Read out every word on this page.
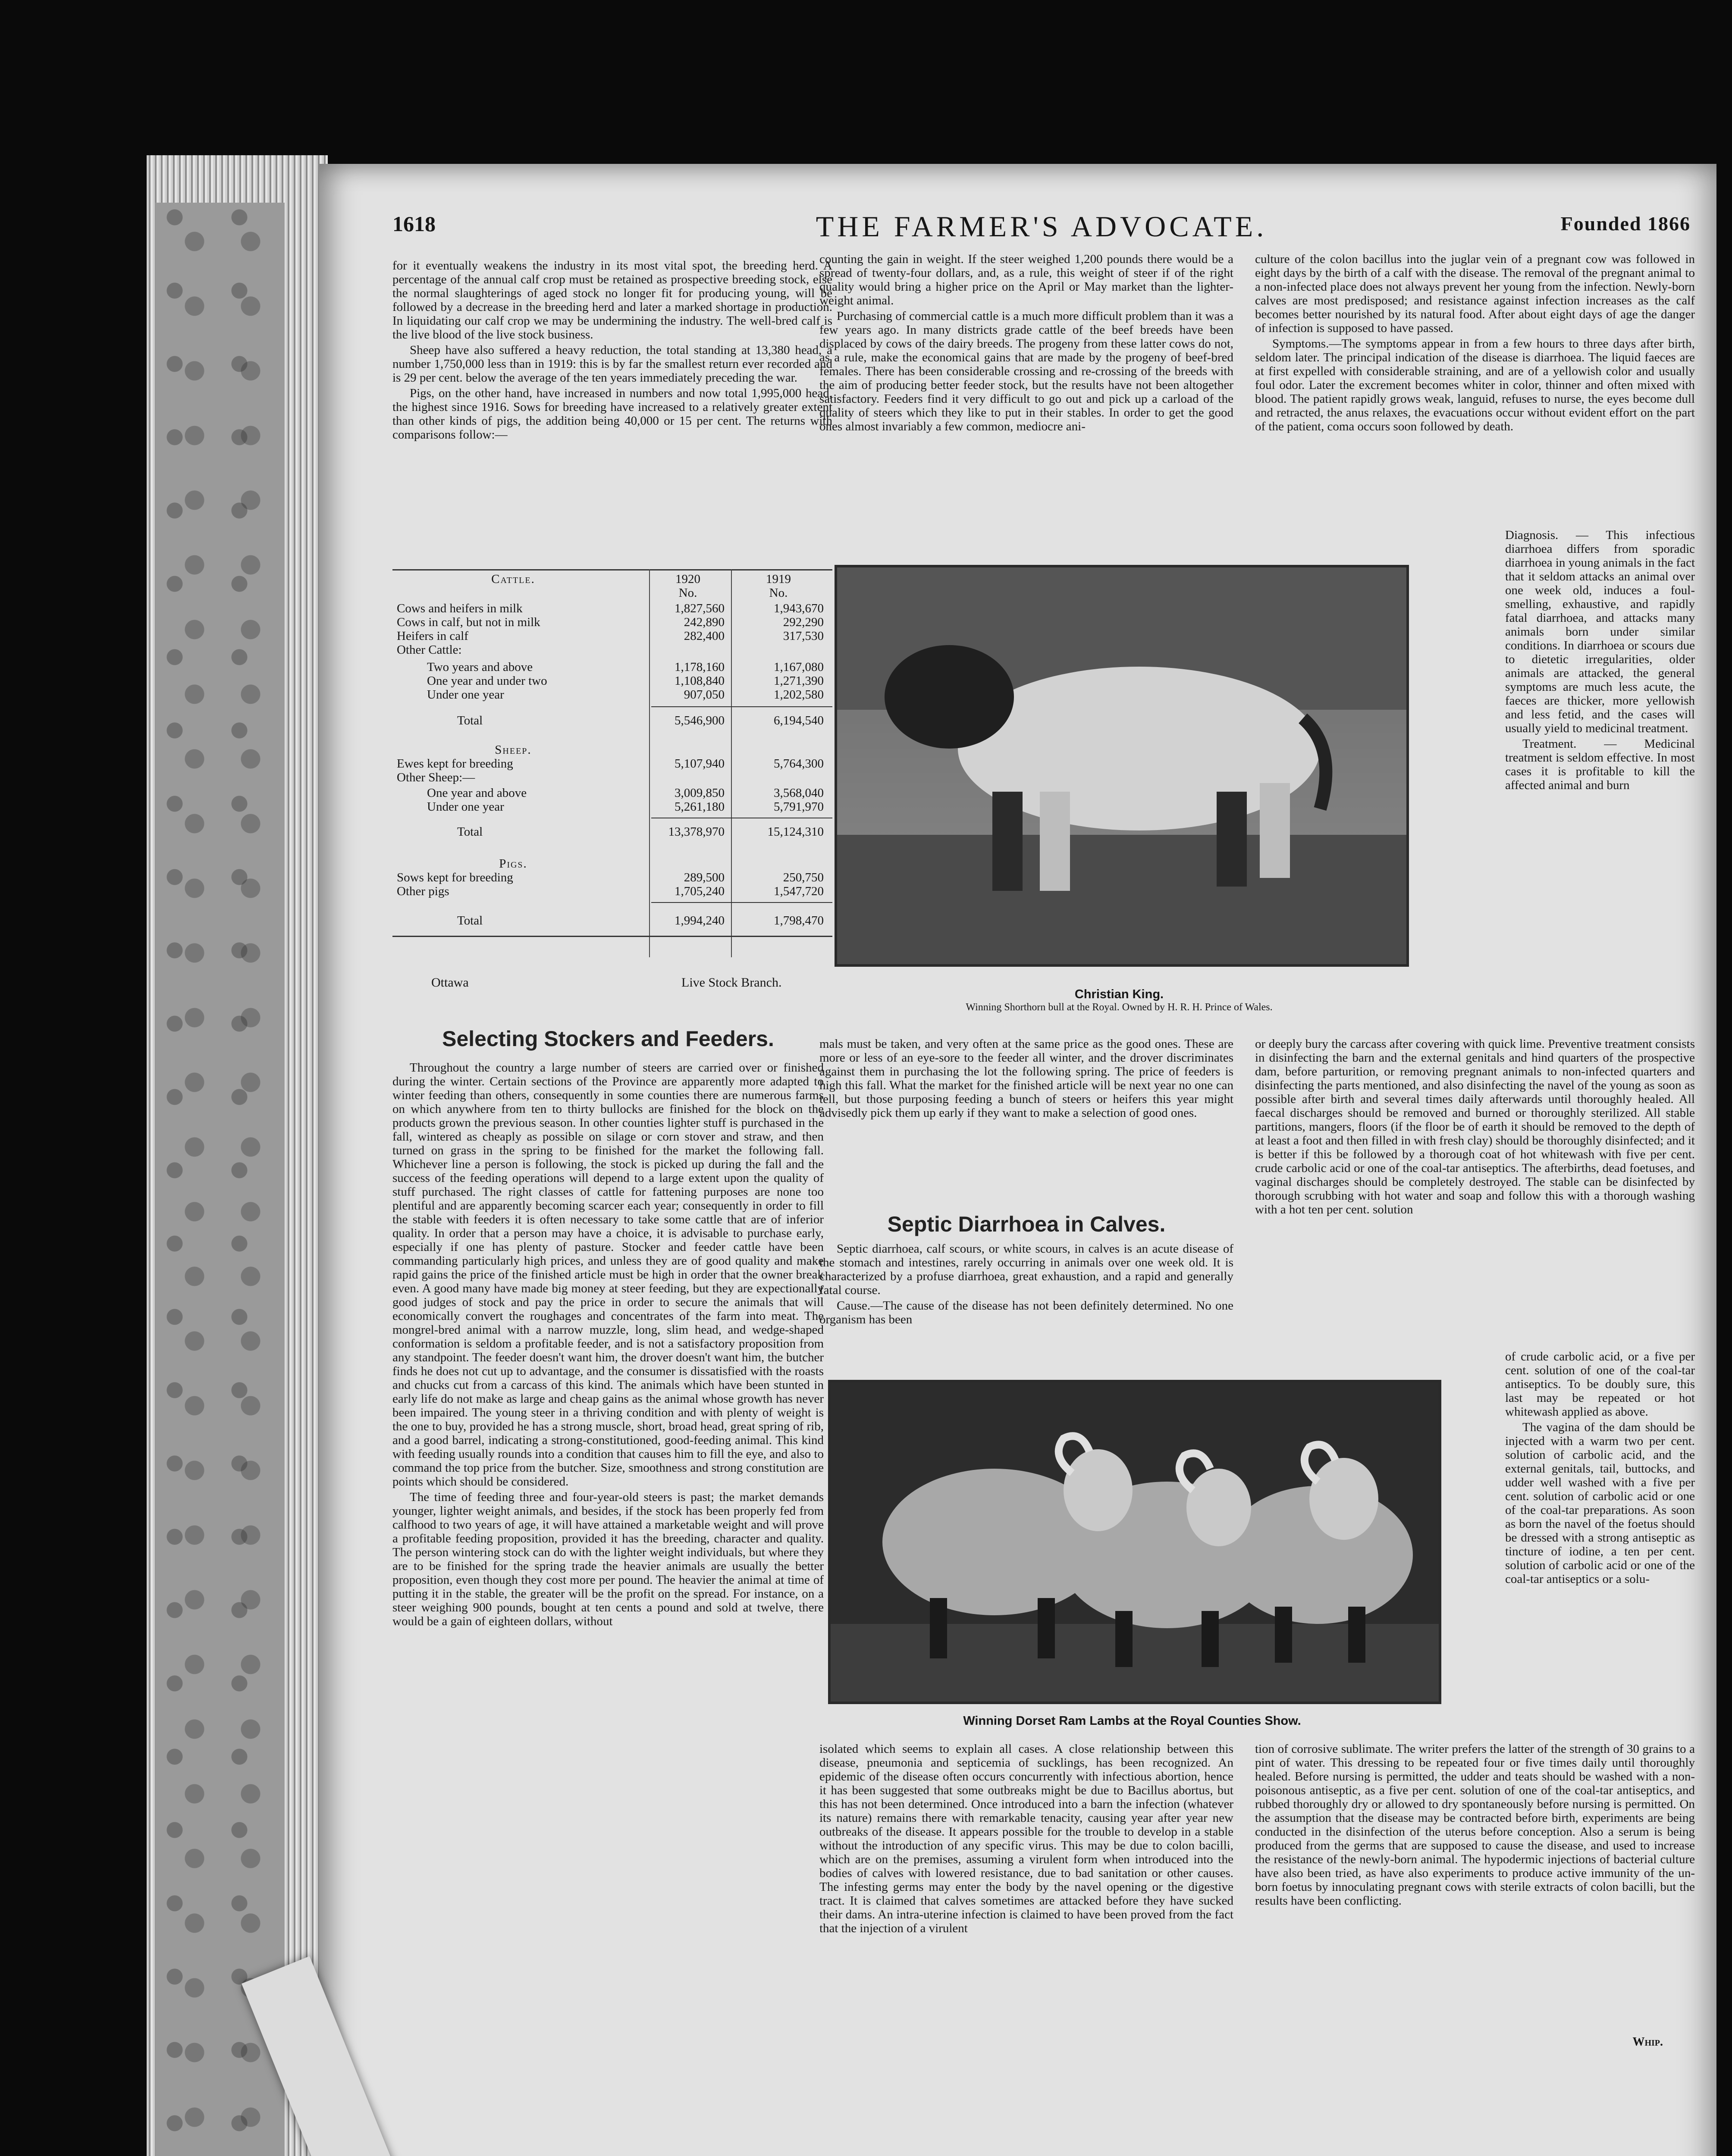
1618	THE FARMER'S ADVOCATE.	Founded 1866

for it eventually weakens the industry in its most vital spot, the breeding herd. A percentage of the annual calf crop must be retained as prospective breeding stock, else the normal slaughterings of aged stock no longer fit for producing young, will be followed by a decrease in the breeding herd and later a marked shortage in production. In liquidating our calf crop we may be undermining the industry. The well-bred calf is the live blood of the live stock business.

Sheep have also suffered a heavy reduction, the total standing at 13,380 head, a number 1,750,000 less than in 1919: this is by far the smallest return ever recorded and is 29 per cent. below the average of the ten years immediately preceding the war.

Pigs, on the other hand, have increased in numbers and now total 1,995,000 head, the highest since 1916. Sows for breeding have increased to a relatively greater extent than other kinds of pigs, the addition being 40,000 or 15 per cent. The returns with comparisons follow:—

1920	1919
Cattle.
No.	No.
Cows and heifers in milk	1,827,560	1,943,670
Cows in calf, but not in milk	242,890	292,290
Heifers in calf	282,400	317,530
Other Cattle:
Two years and above	1,178,160	1,167,080
One year and under two	1,108,840	1,271,390
Under one year	907,050	1,202,580
Total	5,546,900	6,194,540
Sheep.
Ewes kept for breeding	5,107,940	5,764,300
Other Sheep:—
One year and above	3,009,850	3,568,040
Under one year	5,261,180	5,791,970
Total	13,378,970	15,124,310
Pigs.
Sows kept for breeding	289,500	250,750
Other pigs	1,705,240	1,547,720
Total	1,994,240	1,798,470
Ottawa	Live Stock Branch.

counting the gain in weight. If the steer weighed 1,200 pounds there would be a spread of twenty-four dollars, and, as a rule, this weight of steer if of the right quality would bring a higher price on the April or May market than the lighter-weight animal.

Purchasing of commercial cattle is a much more difficult problem than it was a few years ago. In many districts grade cattle of the beef breeds have been displaced by cows of the dairy breeds. The progeny from these latter cows do not, as a rule, make the economical gains that are made by the progeny of beef-bred females. There has been considerable crossing and re-crossing of the breeds with the aim of producing better feeder stock, but the results have not been altogether satisfactory. Feeders find it very difficult to go out and pick up a carload of the quality of steers which they like to put in their stables. In order to get the good ones almost invariably a few common, mediocre ani-

culture of the colon bacillus into the juglar vein of a pregnant cow was followed in eight days by the birth of a calf with the disease. The removal of the pregnant animal to a non-infected place does not always prevent her young from the infection. Newly-born calves are most predisposed; and resistance against infection increases as the calf becomes better nourished by its natural food. After about eight days of age the danger of infection is supposed to have passed.

Symptoms.—The symptoms appear in from a few hours to three days after birth, seldom later. The principal indication of the disease is diarrhoea. The liquid faeces are at first expelled with considerable straining, and are of a yellowish color and usually foul odor. Later the excrement becomes whiter in color, thinner and often mixed with blood. The patient rapidly grows weak, languid, refuses to nurse, the eyes become dull and retracted, the anus relaxes, the evacuations occur without evident effort on the part of the patient, coma occurs soon followed by death.

Christian King.
Winning Shorthorn bull at the Royal. Owned by H. R. H. Prince of Wales.

Diagnosis. — This infectious diarrhoea differs from sporadic diarrhoea in young animals in the fact that it seldom attacks an animal over one week old, induces a foul-smelling, exhaustive, and rapidly fatal diarrhoea, and attacks many animals born under similar conditions. In diarrhoea or scours due to dietetic irregularities, older animals are attacked, the general symptoms are much less acute, the faeces are thicker, more yellowish and less fetid, and the cases will usually yield to medicinal treatment.

Treatment. — Medicinal treatment is seldom effective. In most cases it is profitable to kill the affected animal and burn

Selecting Stockers and Feeders.

Throughout the country a large number of steers are carried over or finished during the winter. Certain sections of the Province are apparently more adapted to winter feeding than others, consequently in some counties there are numerous farms on which anywhere from ten to thirty bullocks are finished for the block on the products grown the previous season. In other counties lighter stuff is purchased in the fall, wintered as cheaply as possible on silage or corn stover and straw, and then turned on grass in the spring to be finished for the market the following fall. Whichever line a person is following, the stock is picked up during the fall and the success of the feeding operations will depend to a large extent upon the quality of stuff purchased. The right classes of cattle for fattening purposes are none too plentiful and are apparently becoming scarcer each year; consequently in order to fill the stable with feeders it is often necessary to take some cattle that are of inferior quality. In order that a person may have a choice, it is advisable to purchase early, especially if one has plenty of pasture. Stocker and feeder cattle have been commanding particularly high prices, and unless they are of good quality and make rapid gains the price of the finished article must be high in order that the owner break even. A good many have made big money at steer feeding, but they are expectionally good judges of stock and pay the price in order to secure the animals that will economically convert the roughages and concentrates of the farm into meat. The mongrel-bred animal with a narrow muzzle, long, slim head, and wedge-shaped conformation is seldom a profitable feeder, and is not a satisfactory proposition from any standpoint. The feeder doesn't want him, the drover doesn't want him, the butcher finds he does not cut up to advantage, and the consumer is dissatisfied with the roasts and chucks cut from a carcass of this kind. The animals which have been stunted in early life do not make as large and cheap gains as the animal whose growth has never been impaired. The young steer in a thriving condition and with plenty of weight is the one to buy, provided he has a strong muscle, short, broad head, great spring of rib, and a good barrel, indicating a strong-constitutioned, good-feeding animal. This kind with feeding usually rounds into a condition that causes him to fill the eye, and also to command the top price from the butcher. Size, smoothness and strong constitution are points which should be considered.

The time of feeding three and four-year-old steers is past; the market demands younger, lighter weight animals, and besides, if the stock has been properly fed from calfhood to two years of age, it will have attained a marketable weight and will prove a profitable feeding proposition, provided it has the breeding, character and quality. The person wintering stock can do with the lighter weight individuals, but where they are to be finished for the spring trade the heavier animals are usually the better proposition, even though they cost more per pound. The heavier the animal at time of putting it in the stable, the greater will be the profit on the spread. For instance, on a steer weighing 900 pounds, bought at ten cents a pound and sold at twelve, there would be a gain of eighteen dollars, without

mals must be taken, and very often at the same price as the good ones. These are more or less of an eye-sore to the feeder all winter, and the drover discriminates against them in purchasing the lot the following spring. The price of feeders is high this fall. What the market for the finished article will be next year no one can tell, but those purposing feeding a bunch of steers or heifers this year might advisedly pick them up early if they want to make a selection of good ones.

Septic Diarrhoea in Calves.

Septic diarrhoea, calf scours, or white scours, in calves is an acute disease of the stomach and intestines, rarely occurring in animals over one week old. It is characterized by a profuse diarrhoea, great exhaustion, and a rapid and generally fatal course.

Cause.—The cause of the disease has not been definitely determined. No one organism has been

or deeply bury the carcass after covering with quick lime. Preventive treatment consists in disinfecting the barn and the external genitals and hind quarters of the prospective dam, before parturition, or removing pregnant animals to non-infected quarters and disinfecting the parts mentioned, and also disinfecting the navel of the young as soon as possible after birth and several times daily afterwards until thoroughly healed. All faecal discharges should be removed and burned or thoroughly sterilized. All stable partitions, mangers, floors (if the floor be of earth it should be removed to the depth of at least a foot and then filled in with fresh clay) should be thoroughly disinfected; and it is better if this be followed by a thorough coat of hot whitewash with five per cent. crude carbolic acid or one of the coal-tar antiseptics. The afterbirths, dead foetuses, and vaginal discharges should be completely destroyed. The stable can be disinfected by thorough scrubbing with hot water and soap and follow this with a thorough washing with a hot ten per cent. solution

Winning Dorset Ram Lambs at the Royal Counties Show.

of crude carbolic acid, or a five per cent. solution of one of the coal-tar antiseptics. To be doubly sure, this last may be repeated or hot whitewash applied as above.

The vagina of the dam should be injected with a warm two per cent. solution of carbolic acid, and the external genitals, tail, buttocks, and udder well washed with a five per cent. solution of carbolic acid or one of the coal-tar preparations. As soon as born the navel of the foetus should be dressed with a strong antiseptic as tincture of iodine, a ten per cent. solution of carbolic acid or one of the coal-tar antiseptics or a solu-

isolated which seems to explain all cases. A close relationship between this disease, pneumonia and septicemia of sucklings, has been recognized. An epidemic of the disease often occurs concurrently with infectious abortion, hence it has been suggested that some outbreaks might be due to Bacillus abortus, but this has not been determined. Once introduced into a barn the infection (whatever its nature) remains there with remarkable tenacity, causing year after year new outbreaks of the disease. It appears possible for the trouble to develop in a stable without the introduction of any specific virus. This may be due to colon bacilli, which are on the premises, assuming a virulent form when introduced into the bodies of calves with lowered resistance, due to bad sanitation or other causes. The infesting germs may enter the body by the navel opening or the digestive tract. It is claimed that calves sometimes are attacked before they have sucked their dams. An intra-uterine infection is claimed to have been proved from the fact that the injection of a virulent

tion of corrosive sublimate. The writer prefers the latter of the strength of 30 grains to a pint of water. This dressing to be repeated four or five times daily until thoroughly healed. Before nursing is permitted, the udder and teats should be washed with a non-poisonous antiseptic, as a five per cent. solution of one of the coal-tar antiseptics, and rubbed thoroughly dry or allowed to dry spontaneously before nursing is permitted. On the assumption that the disease may be contracted before birth, experiments are being conducted in the disinfection of the uterus before conception. Also a serum is being produced from the germs that are supposed to cause the disease, and used to increase the resistance of the newly-born animal. The hypodermic injections of bacterial culture have also been tried, as have also experiments to produce active immunity of the un-born foetus by innoculating pregnant cows with sterile extracts of colon bacilli, but the results have been conflicting.

Whip.
